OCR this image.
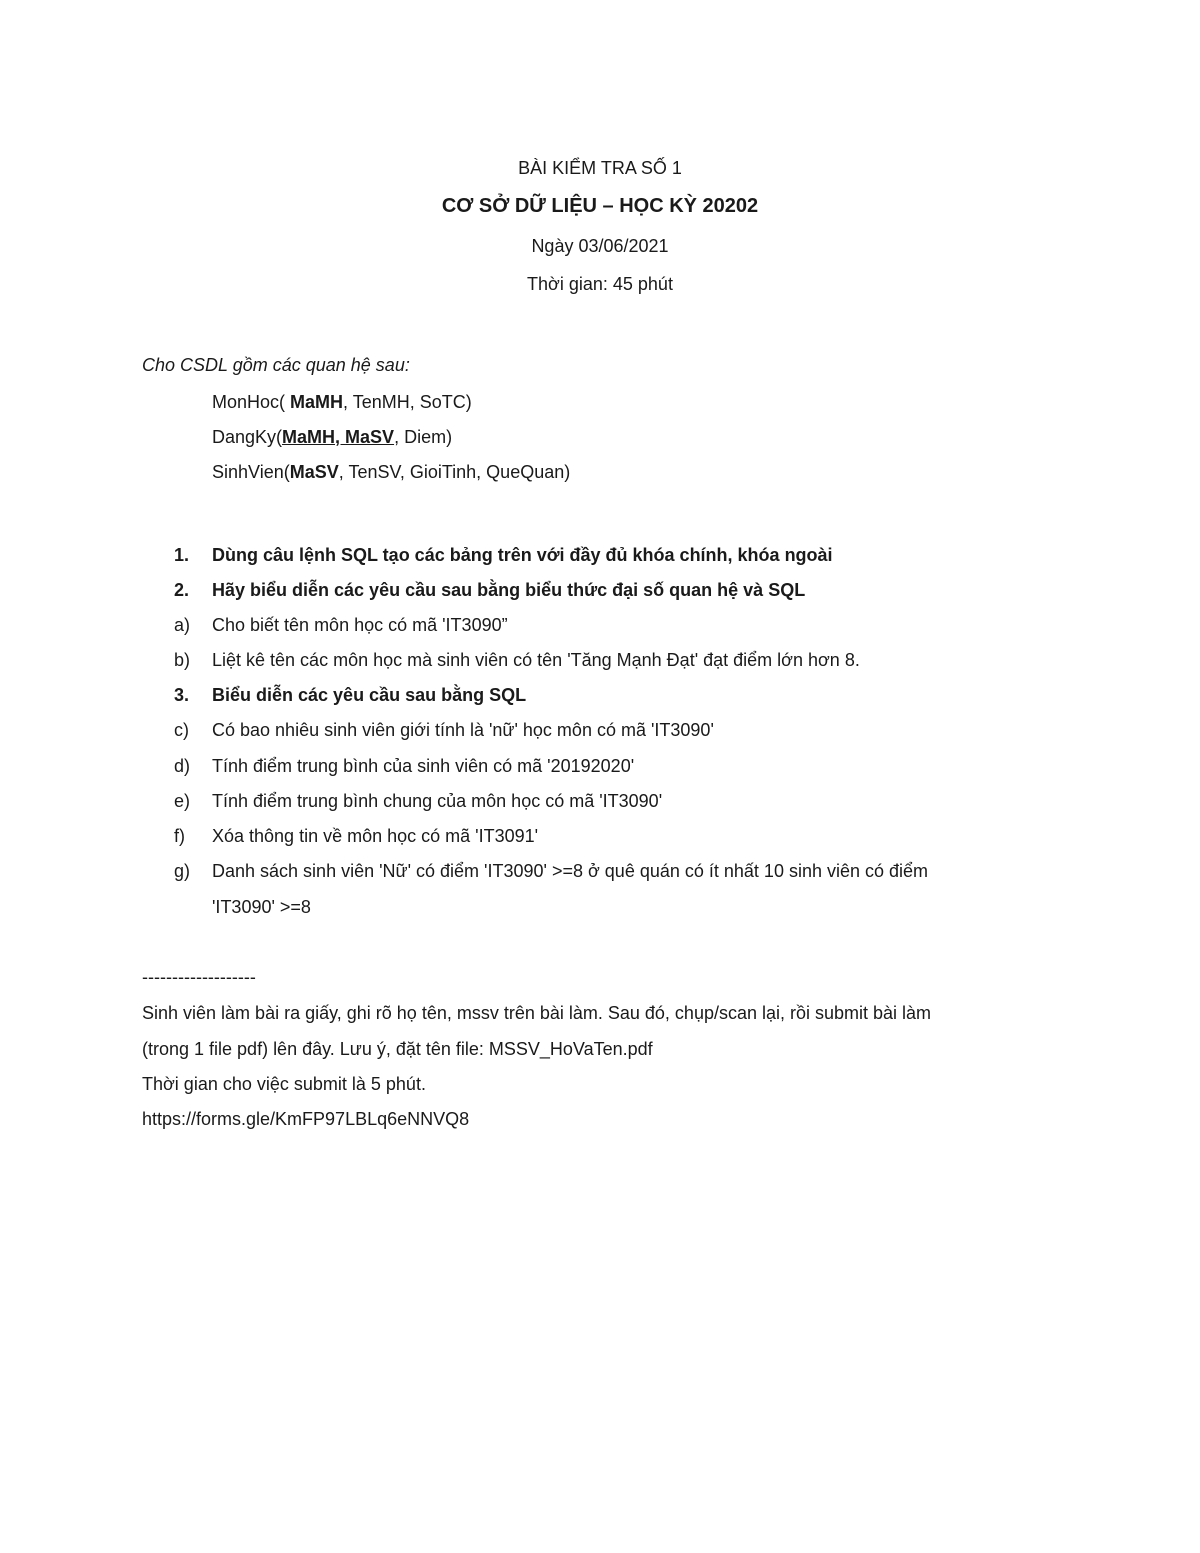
BÀI KIỂM TRA SỐ 1
CƠ SỞ DỮ LIỆU – HỌC KỲ 20202
Ngày 03/06/2021
Thời gian: 45 phút
Cho CSDL gồm các quan hệ sau:
MonHoc( MaMH, TenMH, SoTC)
DangKy(MaMH, MaSV, Diem)
SinhVien(MaSV, TenSV, GioiTinh, QueQuan)
1. Dùng câu lệnh SQL tạo các bảng trên với đầy đủ khóa chính, khóa ngoài
2. Hãy biểu diễn các yêu cầu sau bằng biểu thức đại số quan hệ và SQL
a) Cho biết tên môn học có mã 'IT3090”
b) Liệt kê tên các môn học mà sinh viên có tên 'Tăng Mạnh Đạt' đạt điểm lớn hơn 8.
3. Biểu diễn các yêu cầu sau bằng SQL
c) Có bao nhiêu sinh viên giới tính là 'nữ' học môn có mã 'IT3090'
d) Tính điểm trung bình của sinh viên có mã '20192020'
e) Tính điểm trung bình chung của môn học có mã 'IT3090'
f) Xóa thông tin về môn học có mã 'IT3091'
g) Danh sách sinh viên 'Nữ' có điểm 'IT3090' >=8 ở quê quán có ít nhất 10 sinh viên có điểm
'IT3090' >=8
-------------------
Sinh viên làm bài ra giấy, ghi rõ họ tên, mssv trên bài làm. Sau đó, chụp/scan lại, rồi submit bài làm
(trong 1 file pdf) lên đây. Lưu ý, đặt tên file: MSSV_HoVaTen.pdf
Thời gian cho việc submit là 5 phút.
https://forms.gle/KmFP97LBLq6eNNVQ8
